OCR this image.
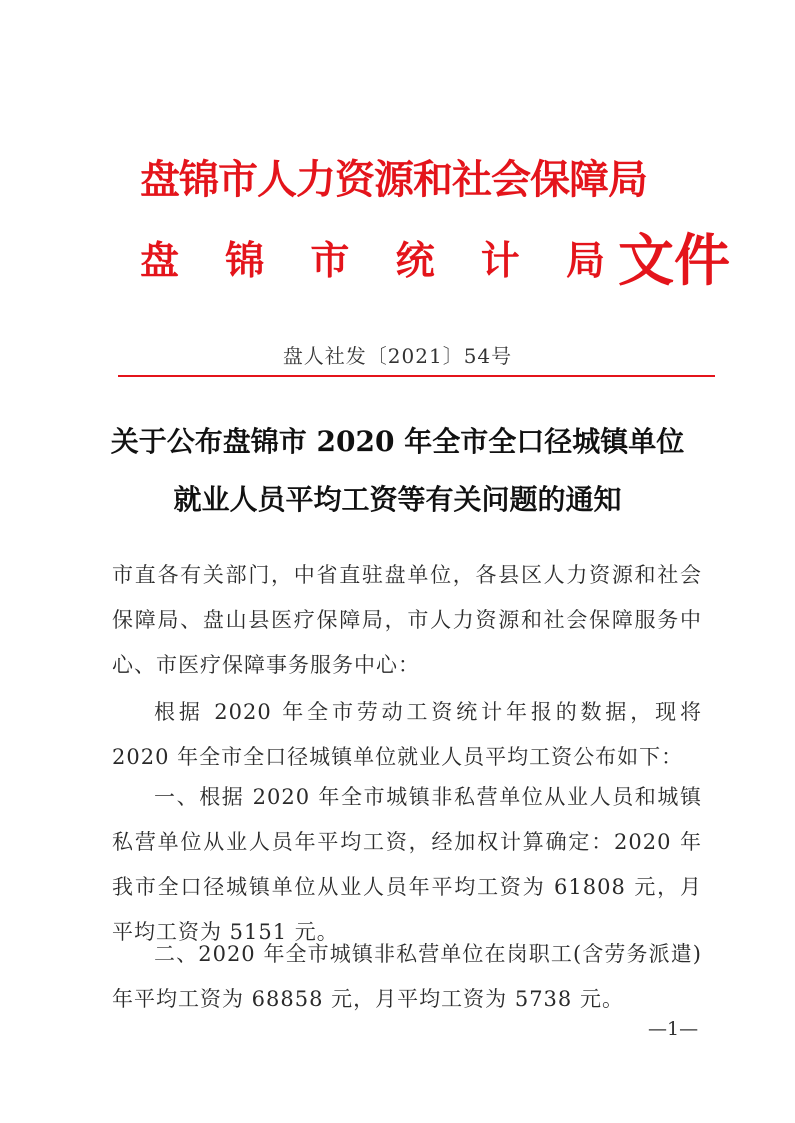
盘锦市人力资源和社会保障局
盘 锦 市 统 计 局 文件
盘人社发〔2021〕54号
关于公布盘锦市 2020 年全市全口径城镇单位
就业人员平均工资等有关问题的通知

市直各有关部门，中省直驻盘单位，各县区人力资源和社会保障局、盘山县医疗保障局，市人力资源和社会保障服务中心、市医疗保障事务服务中心：

根据 2020 年全市劳动工资统计年报的数据，现将 2020 年全市全口径城镇单位就业人员平均工资公布如下：

一、根据 2020 年全市城镇非私营单位从业人员和城镇私营单位从业人员年平均工资，经加权计算确定：2020 年我市全口径城镇单位从业人员年平均工资为 61808 元，月平均工资为 5151 元。

二、2020 年全市城镇非私营单位在岗职工(含劳务派遣)年平均工资为 68858 元，月平均工资为 5738 元。

—1—
